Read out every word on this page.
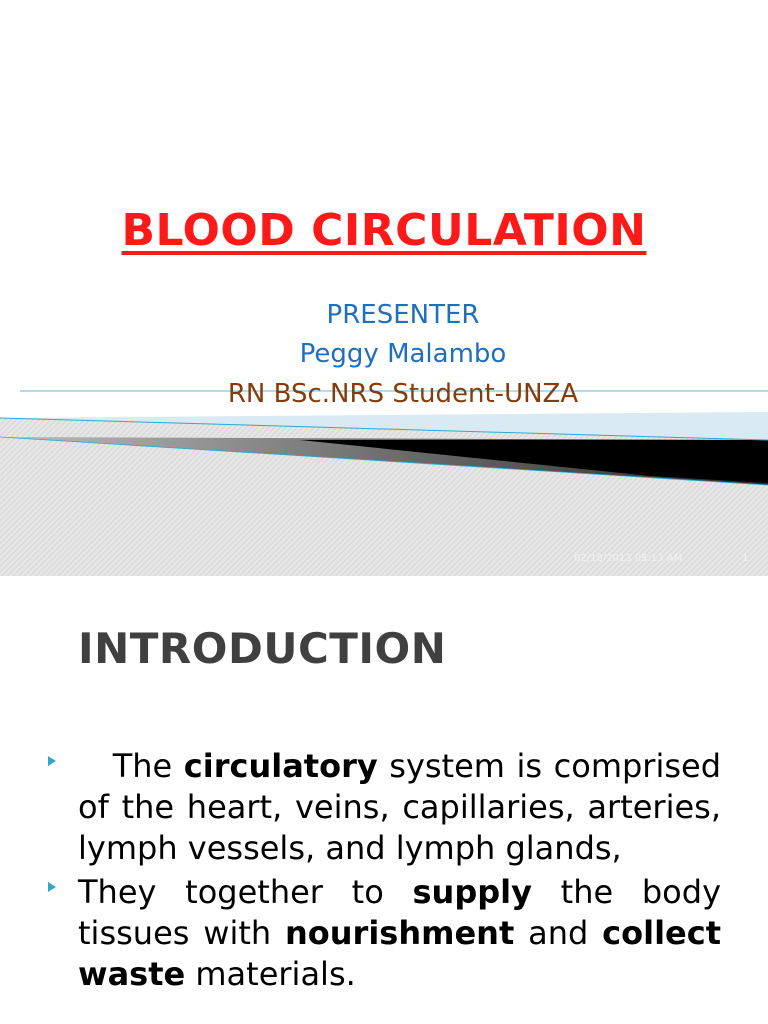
BLOOD CIRCULATION
PRESENTER
Peggy Malambo
RN BSc.NRS Student-UNZA
02/18/2013 05:13 AM	1
INTRODUCTION
The circulatory system is comprised of the heart, veins, capillaries, arteries, lymph vessels, and lymph glands,
They together to supply the body tissues with nourishment and collect waste materials.
